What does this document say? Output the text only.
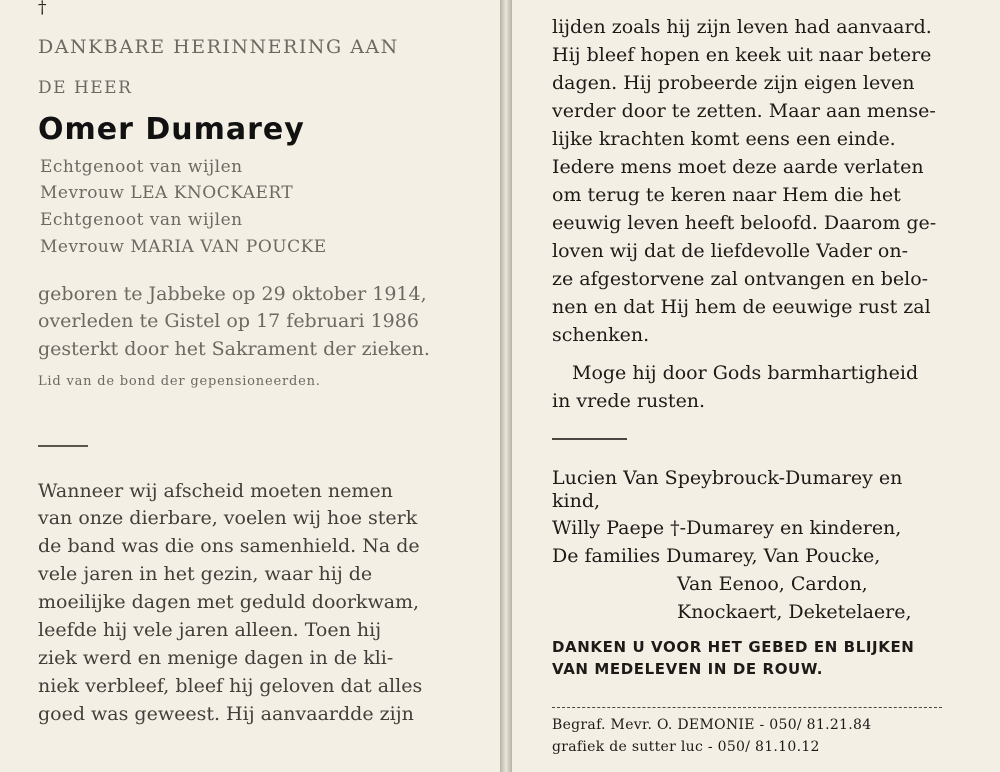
†
DANKBARE HERINNERING AAN
DE HEER
Omer Dumarey
Echtgenoot van wijlen
Mevrouw LEA KNOCKAERT
Echtgenoot van wijlen
Mevrouw MARIA VAN POUCKE
geboren te Jabbeke op 29 oktober 1914,
overleden te Gistel op 17 februari 1986
gesterkt door het Sakrament der zieken.
Lid van de bond der gepensioneerden.
Wanneer wij afscheid moeten nemen
van onze dierbare, voelen wij hoe sterk
de band was die ons samenhield. Na de
vele jaren in het gezin, waar hij de
moeilijke dagen met geduld doorkwam,
leefde hij vele jaren alleen. Toen hij
ziek werd en menige dagen in de kli-
niek verbleef, bleef hij geloven dat alles
goed was geweest. Hij aanvaardde zijn
lijden zoals hij zijn leven had aanvaard.
Hij bleef hopen en keek uit naar betere
dagen. Hij probeerde zijn eigen leven
verder door te zetten. Maar aan mense-
lijke krachten komt eens een einde.
Iedere mens moet deze aarde verlaten
om terug te keren naar Hem die het
eeuwig leven heeft beloofd. Daarom ge-
loven wij dat de liefdevolle Vader on-
ze afgestorvene zal ontvangen en belo-
nen en dat Hij hem de eeuwige rust zal
schenken.
Moge hij door Gods barmhartigheid
in vrede rusten.
Lucien Van Speybrouck-Dumarey en
kind,
Willy Paepe †-Dumarey en kinderen,
De families Dumarey, Van Poucke,
Van Eenoo, Cardon,
Knockaert, Deketelaere,
DANKEN U VOOR HET GEBED EN BLIJKEN
VAN MEDELEVEN IN DE ROUW.
Begraf. Mevr. O. DEMONIE - 050/ 81.21.84
grafiek de sutter luc - 050/ 81.10.12
